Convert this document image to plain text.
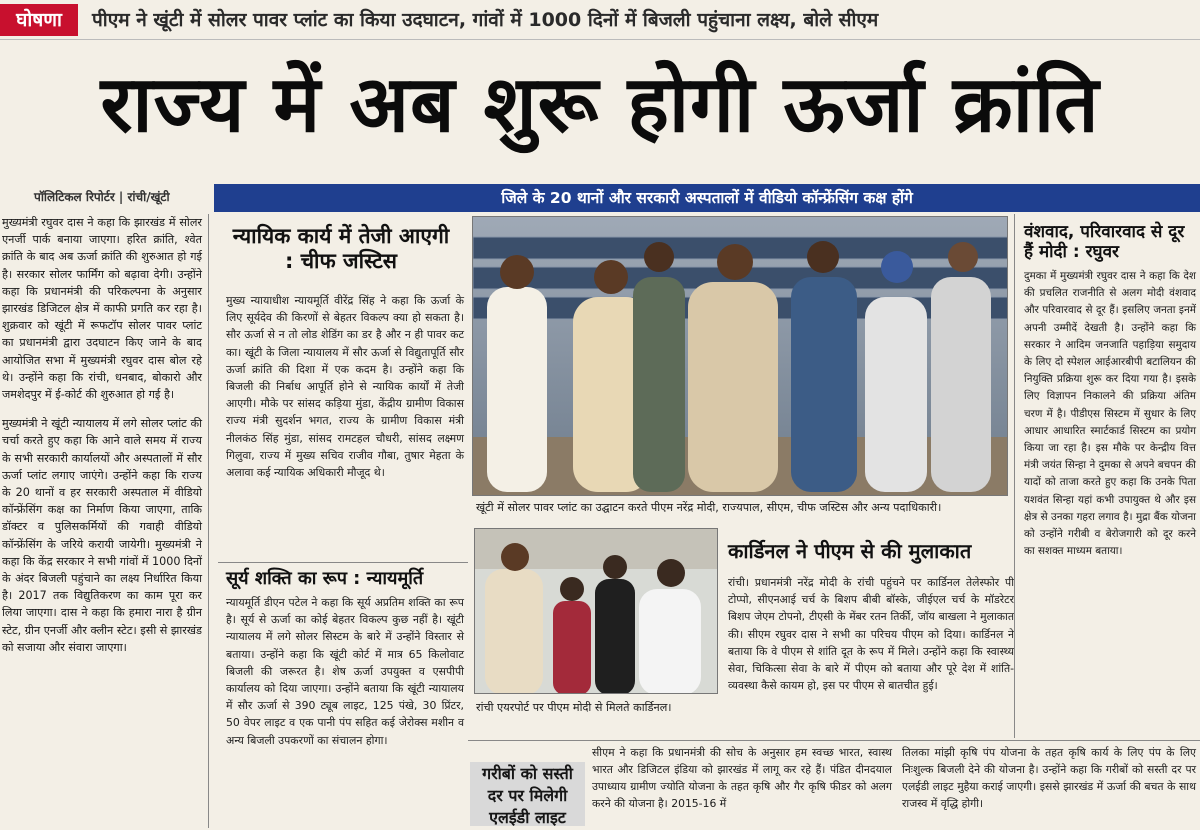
घोषणा	पीएम ने खूंटी में सोलर पावर प्लांट का किया उदघाटन, गांवों में 1000 दिनों में बिजली पहुंचाना लक्ष्य, बोले सीएम
राज्य में अब शुरू होगी ऊर्जा क्रांति
पॉलिटिकल रिपोर्टर | रांची/खूंटी	जिले के 20 थानों और सरकारी अस्पतालों में वीडियो कॉन्फ्रेंसिंग कक्ष होंगे

मुख्यमंत्री रघुवर दास ने कहा कि झारखंड में सोलर एनर्जी पार्क बनाया जाएगा। हरित क्रांति, श्वेत क्रांति के बाद अब ऊर्जा क्रांति की शुरुआत हो गई है। सरकार सोलर फार्मिंग को बढ़ावा देगी। उन्होंने कहा कि प्रधानमंत्री की परिकल्पना के अनुसार झारखंड डिजिटल क्षेत्र में काफी प्रगति कर रहा है। शुक्रवार को खूंटी में रूफटॉप सोलर पावर प्लांट का प्रधानमंत्री द्वारा उदघाटन किए जाने के बाद आयोजित सभा में मुख्यमंत्री रघुवर दास बोल रहे थे। उन्होंने कहा कि रांची, धनबाद, बोकारो और जमशेदपुर में ई-कोर्ट की शुरुआत हो गई है।

मुख्यमंत्री ने खूंटी न्यायालय में लगे सोलर प्लांट की चर्चा करते हुए कहा कि आने वाले समय में राज्य के सभी सरकारी कार्यालयों और अस्पतालों में सौर ऊर्जा प्लांट लगाए जाएंगे। उन्होंने कहा कि राज्य के 20 थानों व हर सरकारी अस्पताल में वीडियो कॉन्फ्रेंसिंग कक्ष का निर्माण किया जाएगा, ताकि डॉक्टर व पुलिसकर्मियों की गवाही वीडियो कॉन्फ्रेंसिंग के जरिये करायी जायेगी। मुख्यमंत्री ने कहा कि केंद्र सरकार ने सभी गांवों में 1000 दिनों के अंदर बिजली पहुंचाने का लक्ष्य निर्धारित किया है। 2017 तक विद्युतिकरण का काम पूरा कर लिया जाएगा। दास ने कहा कि हमारा नारा है ग्रीन स्टेट, ग्रीन एनर्जी और क्लीन स्टेट। इसी से झारखंड को सजाया और संवारा जाएगा।

न्यायिक कार्य में तेजी आएगी : चीफ जस्टिस
मुख्य न्यायाधीश न्यायमूर्ति वीरेंद्र सिंह ने कहा कि ऊर्जा के लिए सूर्यदेव की किरणों से बेहतर विकल्प क्या हो सकता है। सौर ऊर्जा से न तो लोड शेडिंग का डर है और न ही पावर कट का। खूंटी के जिला न्यायालय में सौर ऊर्जा से विद्युतापूर्ति सौर ऊर्जा क्रांति की दिशा में एक कदम है। उन्होंने कहा कि बिजली की निर्बाध आपूर्ति होने से न्यायिक कार्यों में तेजी आएगी। मौके पर सांसद कड़िया मुंडा, केंद्रीय ग्रामीण विकास राज्य मंत्री सुदर्शन भगत, राज्य के ग्रामीण विकास मंत्री नीलकंठ सिंह मुंडा, सांसद रामटहल चौधरी, सांसद लक्ष्मण गिलुवा, राज्य में मुख्य सचिव राजीव गौबा, तुषार मेहता के अलावा कई न्यायिक अधिकारी मौजूद थे।
सूर्य शक्ति का रूप : न्यायमूर्ति
न्यायमूर्ति डीएन पटेल ने कहा कि सूर्य अप्रतिम शक्ति का रूप है। सूर्य से ऊर्जा का कोई बेहतर विकल्प कुछ नहीं है। खूंटी न्यायालय में लगे सोलर सिस्टम के बारे में उन्होंने विस्तार से बताया। उन्होंने कहा कि खूंटी कोर्ट में मात्र 65 किलोवाट बिजली की जरूरत है। शेष ऊर्जा उपयुक्त व एसपीपी कार्यालय को दिया जाएगा। उन्होंने बताया कि खूंटी न्यायालय में सौर ऊर्जा से 390 ट्यूब लाइट, 125 पंखे, 30 प्रिंटर, 50 वेपर लाइट व एक पानी पंप सहित कई जेरोक्स मशीन व अन्य बिजली उपकरणों का संचालन होगा।
खूंटी में सोलर पावर प्लांट का उद्घाटन करते पीएम नरेंद्र मोदी, राज्यपाल, सीएम, चीफ जस्टिस और अन्य पदाधिकारी।
रांची एयरपोर्ट पर पीएम मोदी से मिलते कार्डिनल।
कार्डिनल ने पीएम से की मुलाकात
रांची। प्रधानमंत्री नरेंद्र मोदी के रांची पहुंचने पर कार्डिनल तेलेस्फोर पी टोप्पो, सीएनआई चर्च के बिशप बीबी बॉस्के, जीईएल चर्च के मॉडरेटर बिशप जेएम टोपनो, टीएसी के मेंबर रतन तिर्की, जॉय बाखला ने मुलाकात की। सीएम रघुवर दास ने सभी का परिचय पीएम को दिया। कार्डिनल ने बताया कि वे पीएम से शांति दूत के रूप में मिले। उन्होंने कहा कि स्वास्थ्य सेवा, चिकित्सा सेवा के बारे में पीएम को बताया और पूरे देश में शांति-व्यवस्था कैसे कायम हो, इस पर पीएम से बातचीत हुई।
वंशवाद, परिवारवाद से दूर हैं मोदी : रघुवर
दुमका में मुख्यमंत्री रघुवर दास ने कहा कि देश की प्रचलित राजनीति से अलग मोदी वंशवाद और परिवारवाद से दूर हैं। इसलिए जनता इनमें अपनी उम्मीदें देखती है। उन्होंने कहा कि सरकार ने आदिम जनजाति पहाड़िया समुदाय के लिए दो स्पेशल आईआरबीपी बटालियन की नियुक्ति प्रक्रिया शुरू कर दिया गया है। इसके लिए विज्ञापन निकालने की प्रक्रिया अंतिम चरण में है। पीडीएस सिस्टम में सुधार के लिए आधार आधारित स्मार्टकार्ड सिस्टम का प्रयोग किया जा रहा है। इस मौके पर केन्द्रीय वित्त मंत्री जयंत सिन्हा ने दुमका से अपने बचपन की यादों को ताजा करते हुए कहा कि उनके पिता यशवंत सिन्हा यहां कभी उपायुक्त थे और इस क्षेत्र से उनका गहरा लगाव है। मुद्रा बैंक योजना को उन्होंने गरीबी व बेरोजगारी को दूर करने का सशक्त माध्यम बताया।
गरीबों को सस्ती
दर पर मिलेगी
एलईडी लाइट
सीएम ने कहा कि प्रधानमंत्री की सोच के अनुसार हम स्वच्छ भारत, स्वास्थ भारत और डिजिटल इंडिया को झारखंड में लागू कर रहे हैं। पंडित दीनदयाल उपाध्याय ग्रामीण ज्योति योजना के तहत कृषि और गैर कृषि फीडर को अलग करने की योजना है। 2015-16 में
तिलका मांझी कृषि पंप योजना के तहत कृषि कार्य के लिए पंप के लिए निःशुल्क बिजली देने की योजना है। उन्होंने कहा कि गरीबों को सस्ती दर पर एलईडी लाइट मुहैया कराई जाएगी। इससे झारखंड में ऊर्जा की बचत के साथ राजस्व में वृद्धि होगी।
